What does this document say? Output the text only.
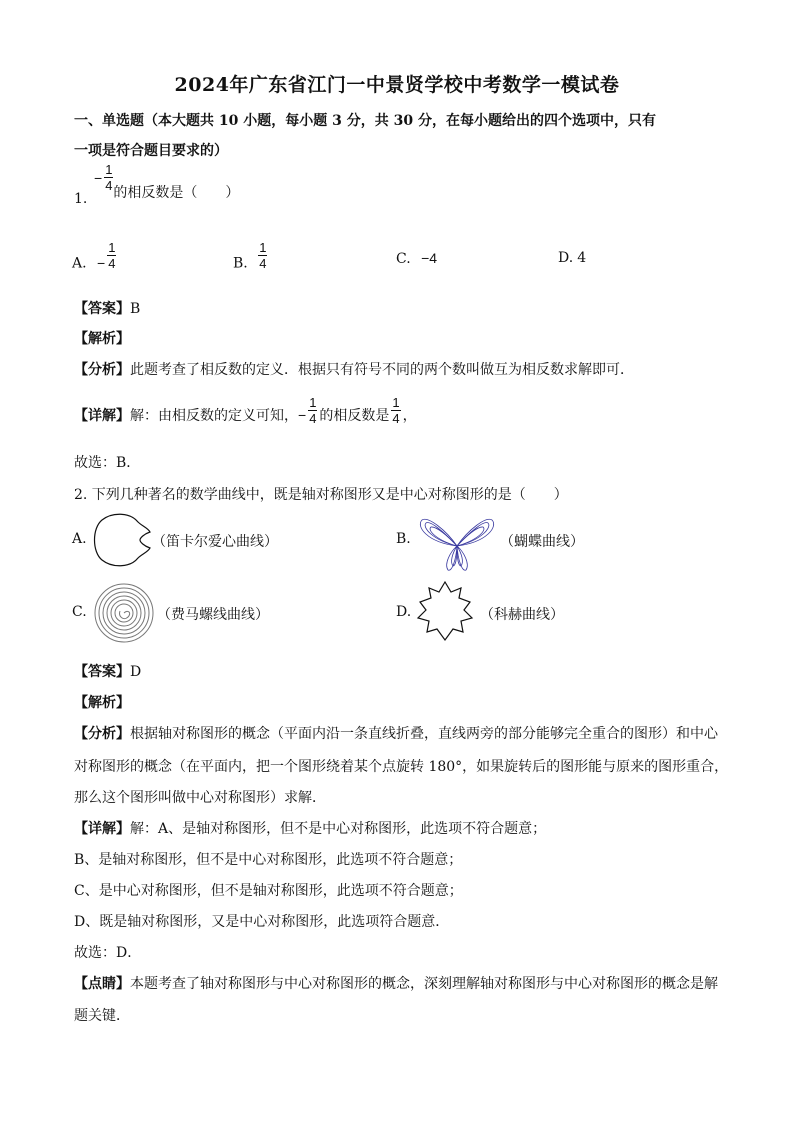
2024年广东省江门一中景贤学校中考数学一模试卷
一、单选题（本大题共 10 小题，每小题 3 分，共 30 分，在每小题给出的四个选项中，只有
一项是符合题目要求的）
1.
− $\frac{1}{4}$ 的相反数是（　　）
A. − $\frac{1}{4}$	B. $\frac{1}{4}$	C. −4	D. 4
【答案】B
【解析】
【分析】此题考查了相反数的定义．根据只有符号不同的两个数叫做互为相反数求解即可．
【详解】解：由相反数的定义可知，− $\frac{1}{4}$ 的相反数是 $\frac{1}{4}$ ，
故选：B．
2. 下列几种著名的数学曲线中，既是轴对称图形又是中心对称图形的是（　　）
A.	（笛卡尔爱心曲线）	B.	（蝴蝶曲线）
C.	（费马螺线曲线）	D.	（科赫曲线）
【答案】D
【解析】
【分析】根据轴对称图形的概念（平面内沿一条直线折叠，直线两旁的部分能够完全重合的图形）和中心
对称图形的概念（在平面内，把一个图形绕着某个点旋转 180°，如果旋转后的图形能与原来的图形重合，
那么这个图形叫做中心对称图形）求解．
【详解】解：A、是轴对称图形，但不是中心对称图形，此选项不符合题意；
B、是轴对称图形，但不是中心对称图形，此选项不符合题意；
C、是中心对称图形，但不是轴对称图形，此选项不符合题意；
D、既是轴对称图形，又是中心对称图形，此选项符合题意．
故选：D．
【点睛】本题考查了轴对称图形与中心对称图形的概念，深刻理解轴对称图形与中心对称图形的概念是解
题关键．
